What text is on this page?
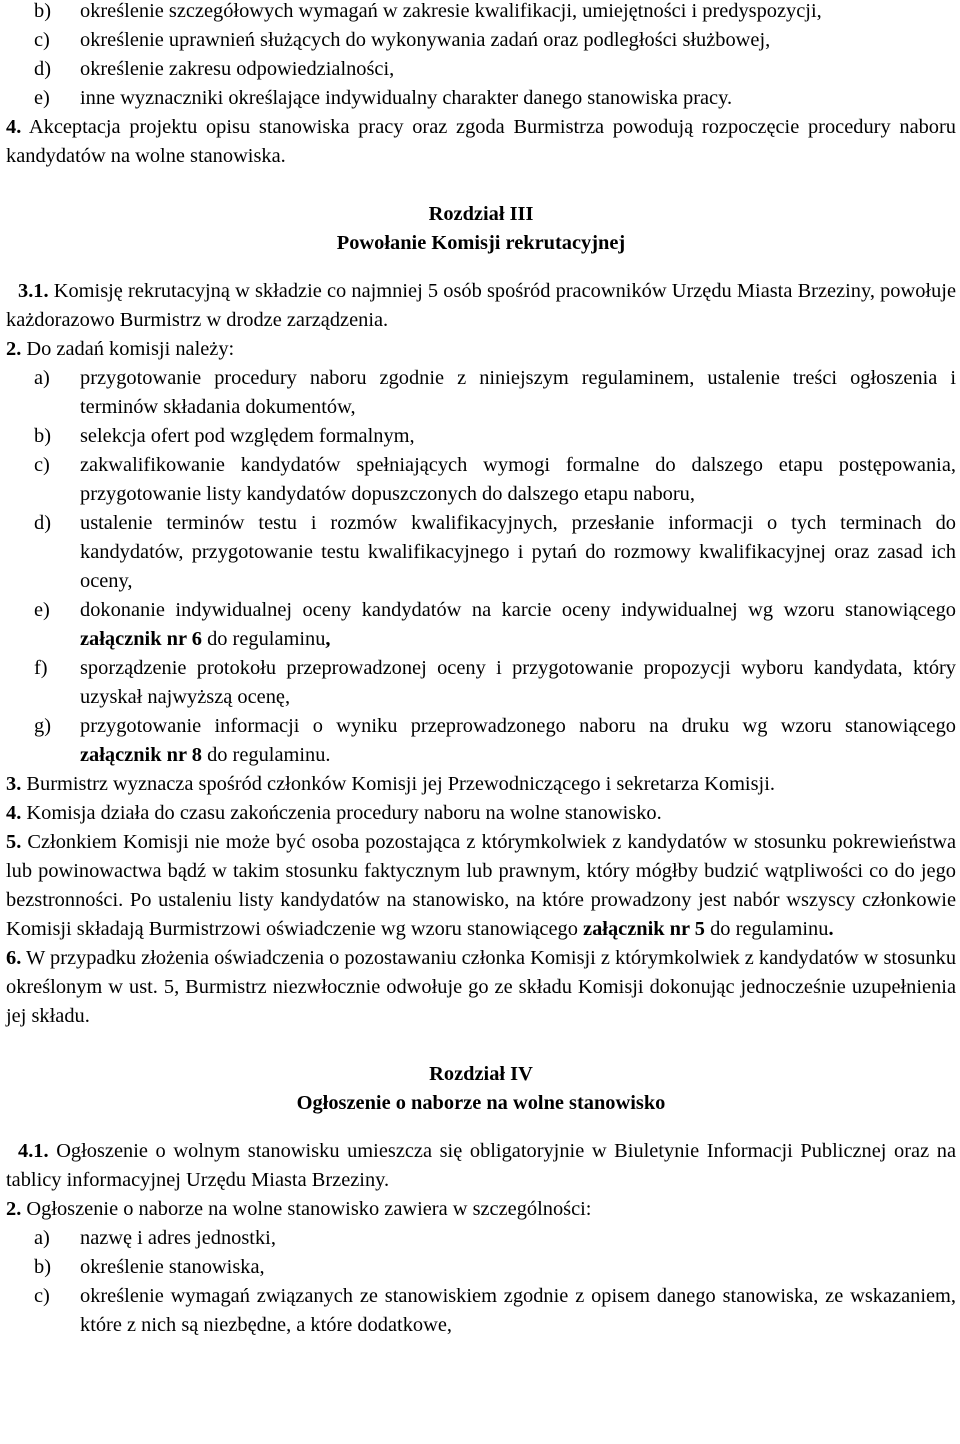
b)	określenie szczegółowych wymagań w zakresie kwalifikacji, umiejętności i predyspozycji,
c)	określenie uprawnień służących do wykonywania zadań oraz podległości służbowej,
d)	określenie zakresu odpowiedzialności,
e)	inne wyznaczniki określające indywidualny charakter danego stanowiska pracy.

4. Akceptacja projektu opisu stanowiska pracy oraz zgoda Burmistrza powodują rozpoczęcie procedury naboru kandydatów na wolne stanowiska.

Rozdział III

Powołanie Komisji rekrutacyjnej

3.1. Komisję rekrutacyjną w składzie co najmniej 5 osób spośród pracowników Urzędu Miasta Brzeziny, powołuje każdorazowo Burmistrz w drodze zarządzenia.

2. Do zadań komisji należy:

a)	przygotowanie procedury naboru zgodnie z niniejszym regulaminem, ustalenie treści ogłoszenia i terminów składania dokumentów,
b)	selekcja ofert pod względem formalnym,
c)	zakwalifikowanie kandydatów spełniających wymogi formalne do dalszego etapu postępowania, przygotowanie listy kandydatów dopuszczonych do dalszego etapu naboru,
d)	ustalenie terminów testu i rozmów kwalifikacyjnych, przesłanie informacji o tych terminach do kandydatów, przygotowanie testu kwalifikacyjnego i pytań do rozmowy kwalifikacyjnej oraz zasad ich oceny,
e)	dokonanie indywidualnej oceny kandydatów na karcie oceny indywidualnej wg wzoru stanowiącego załącznik nr 6 do regulaminu,
f)	sporządzenie protokołu przeprowadzonej oceny i przygotowanie propozycji wyboru kandydata, który uzyskał najwyższą ocenę,
g)	przygotowanie informacji o wyniku przeprowadzonego naboru na druku wg wzoru stanowiącego załącznik nr 8 do regulaminu.

3. Burmistrz wyznacza spośród członków Komisji jej Przewodniczącego i sekretarza Komisji.

4. Komisja działa do czasu zakończenia procedury naboru na wolne stanowisko.

5. Członkiem Komisji nie może być osoba pozostająca z którymkolwiek z kandydatów w stosunku pokrewieństwa lub powinowactwa bądź w takim stosunku faktycznym lub prawnym, który mógłby budzić wątpliwości co do jego bezstronności. Po ustaleniu listy kandydatów na stanowisko, na które prowadzony jest nabór wszyscy członkowie Komisji składają Burmistrzowi oświadczenie wg wzoru stanowiącego załącznik nr 5 do regulaminu.

6. W przypadku złożenia oświadczenia o pozostawaniu członka Komisji z którymkolwiek z kandydatów w stosunku określonym w ust. 5, Burmistrz niezwłocznie odwołuje go ze składu Komisji dokonując jednocześnie uzupełnienia jej składu.

Rozdział IV

Ogłoszenie o naborze na wolne stanowisko

4.1. Ogłoszenie o wolnym stanowisku umieszcza się obligatoryjnie w Biuletynie Informacji Publicznej oraz na tablicy informacyjnej Urzędu Miasta Brzeziny.

2. Ogłoszenie o naborze na wolne stanowisko zawiera w szczególności:

a)	nazwę i adres jednostki,
b)	określenie stanowiska,
c)	określenie wymagań związanych ze stanowiskiem zgodnie z opisem danego stanowiska, ze wskazaniem, które z nich są niezbędne, a które dodatkowe,
